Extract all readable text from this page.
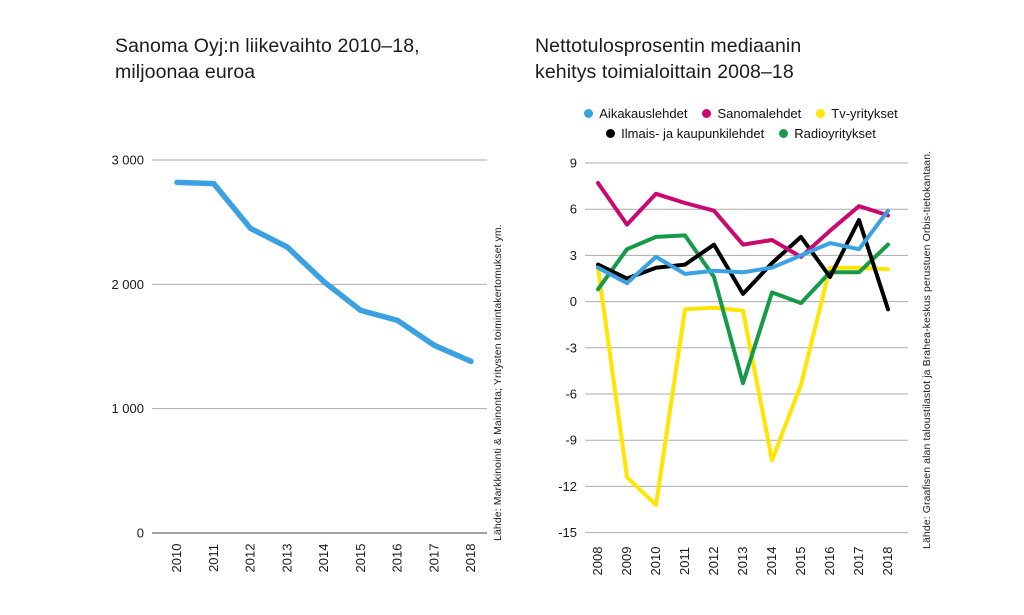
Sanoma Oyj:n liikevaihto 2010–18,
miljoonaa euroa
Nettotulosprosentin mediaanin
kehitys toimialoittain 2008–18
Aikakauslehdet Sanomalehdet Tv-yritykset
Ilmais- ja kaupunkilehdet Radioyritykset
3 000
2 000
1 000
0
2010 2011 2012 2013 2014 2015 2016 2017 2018
9
6
3
0
-3
-6
-9
-12
-15
2008 2009 2010 2011 2012 2013 2014 2015 2016 2017 2018
Lähde: Markkinointi & Mainonta; Yritysten toimintakertomukset ym.	Lähde: Graafisen alan taloustilastot ja Brahea-keskus perustuen Orbis-tietokantaan.
